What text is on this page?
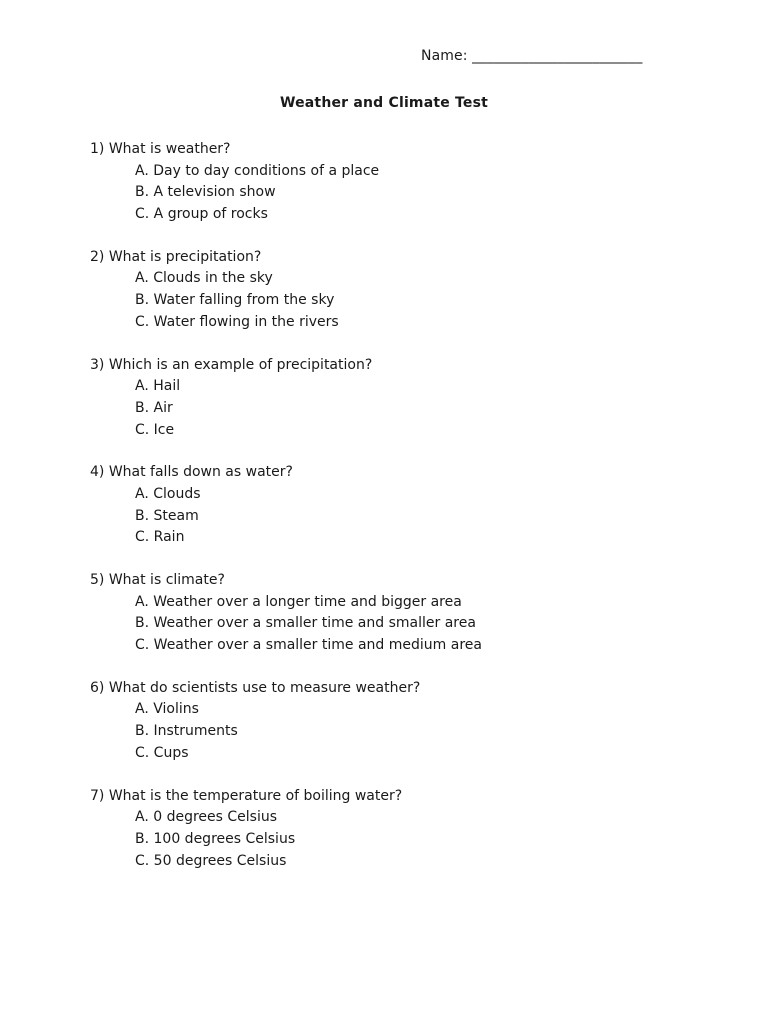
Name: ________________________
Weather and Climate Test
1) What is weather?
A. Day to day conditions of a place
B. A television show
C. A group of rocks
2) What is precipitation?
A. Clouds in the sky
B. Water falling from the sky
C. Water flowing in the rivers
3) Which is an example of precipitation?
A. Hail
B. Air
C. Ice
4) What falls down as water?
A. Clouds
B. Steam
C. Rain
5) What is climate?
A. Weather over a longer time and bigger area
B. Weather over a smaller time and smaller area
C. Weather over a smaller time and medium area
6) What do scientists use to measure weather?
A. Violins
B. Instruments
C. Cups
7) What is the temperature of boiling water?
A. 0 degrees Celsius
B. 100 degrees Celsius
C. 50 degrees Celsius
